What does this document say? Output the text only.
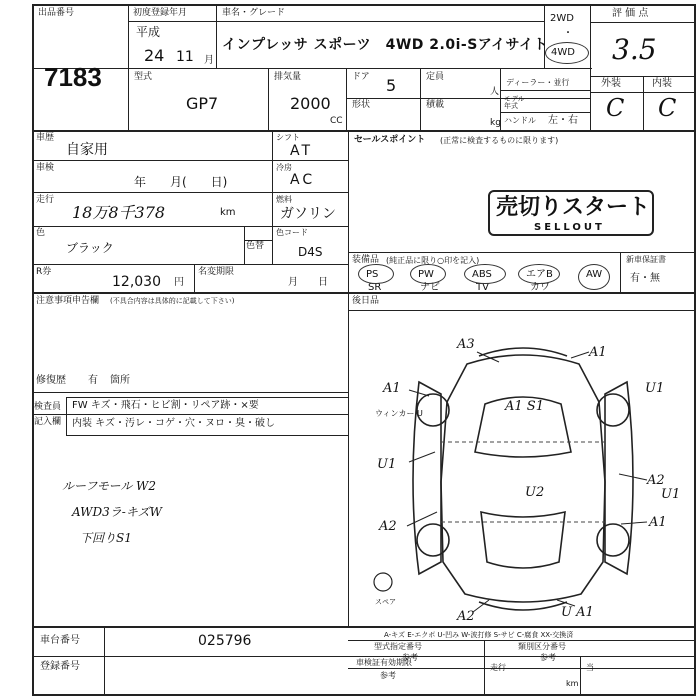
出品番号
7183
初度登録年月
平成
24 11 月
車名・グレード
インプレッサ スポーツ　4WD 2.0i-Sアイサイト
2WD
・
4WD
評 価 点
3.5
外装	内装
C C
型式
GP7
排気量
2000
CC
ドア 5
形状
定員
人
積載
kg
ディーラー・並行
モデル年式
ハンドル 左・右
車歴
自家用
シフト
AT
車検
年　　月(　　日)
冷房
AC
走行
18万8千378	km
燃料
ガソリン
色
ブラック	色替
色コード
D4S
R券
12,030 円
名変期限
月　　日
セールスポイント (正常に検査するものに限ります)
売切りスタート
SELLOUT
装備品 (純正品に限り○印を記入)
PS	PW	ABS	エアB	AW
SR	ナビ	TV	カワ
新車保証書
有・無
後日品
注意事項申告欄 (不具合内容は具体的に記載して下さい)
修復歴 有 箇所
検査員
記入欄
FW キズ・飛石・ヒビ割・リペア跡・×要
内装 キズ・汚レ・コゲ・穴・ヌロ・臭・破し
ルーフモール W2
AWD3ラ-キズW
下回りS1
A3
A1
A1	U1
A1 S1
U1
U2
A2
A2	A1
U1
A2	U A1
ウィンカー U
スペア
A-キズ E-エクボ U-凹み W-波打修 S-サビ C-腐食 XX-交換済
車台番号	025796
登録番号
型式指定番号
参考
類別区分番号
参考
車検証有効期限
参考
走行
km
当
